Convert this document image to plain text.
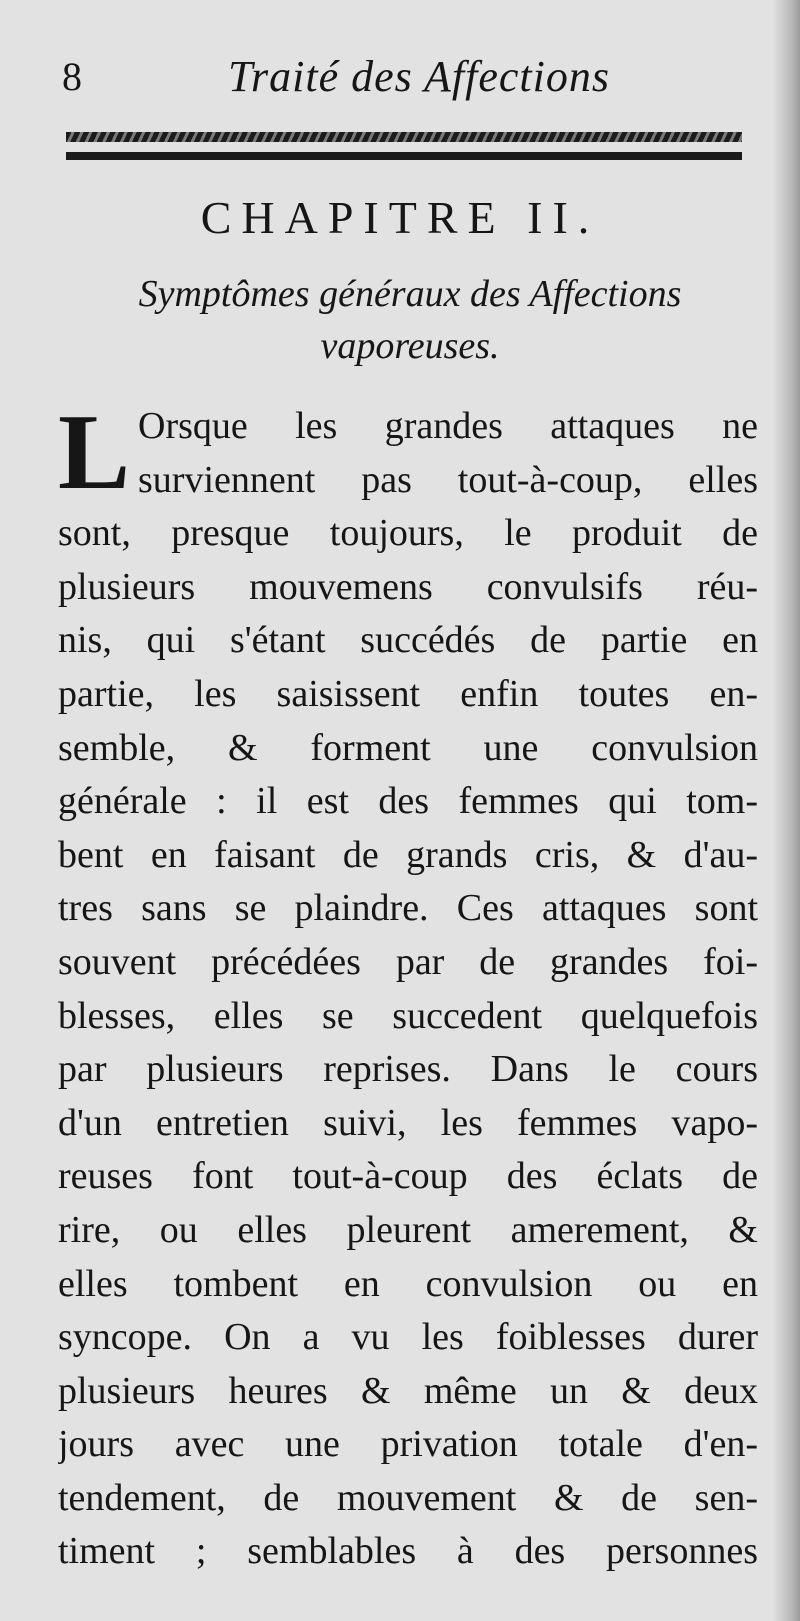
8	Traité des Affections
CHAPITRE II.
Symptômes généraux des Affections
vaporeuses.
L Orsque les grandes attaques ne
surviennent pas tout-à-coup, elles
sont, presque toujours, le produit de
plusieurs mouvemens convulsifs réu-
nis, qui s'étant succédés de partie en
partie, les saisissent enfin toutes en-
semble, & forment une convulsion
générale : il est des femmes qui tom-
bent en faisant de grands cris, & d'au-
tres sans se plaindre. Ces attaques sont
souvent précédées par de grandes foi-
blesses, elles se succedent quelquefois
par plusieurs reprises. Dans le cours
d'un entretien suivi, les femmes vapo-
reuses font tout-à-coup des éclats de
rire, ou elles pleurent amerement, &
elles tombent en convulsion ou en
syncope. On a vu les foiblesses durer
plusieurs heures & même un & deux
jours avec une privation totale d'en-
tendement, de mouvement & de sen-
timent ; semblables à des personnes
